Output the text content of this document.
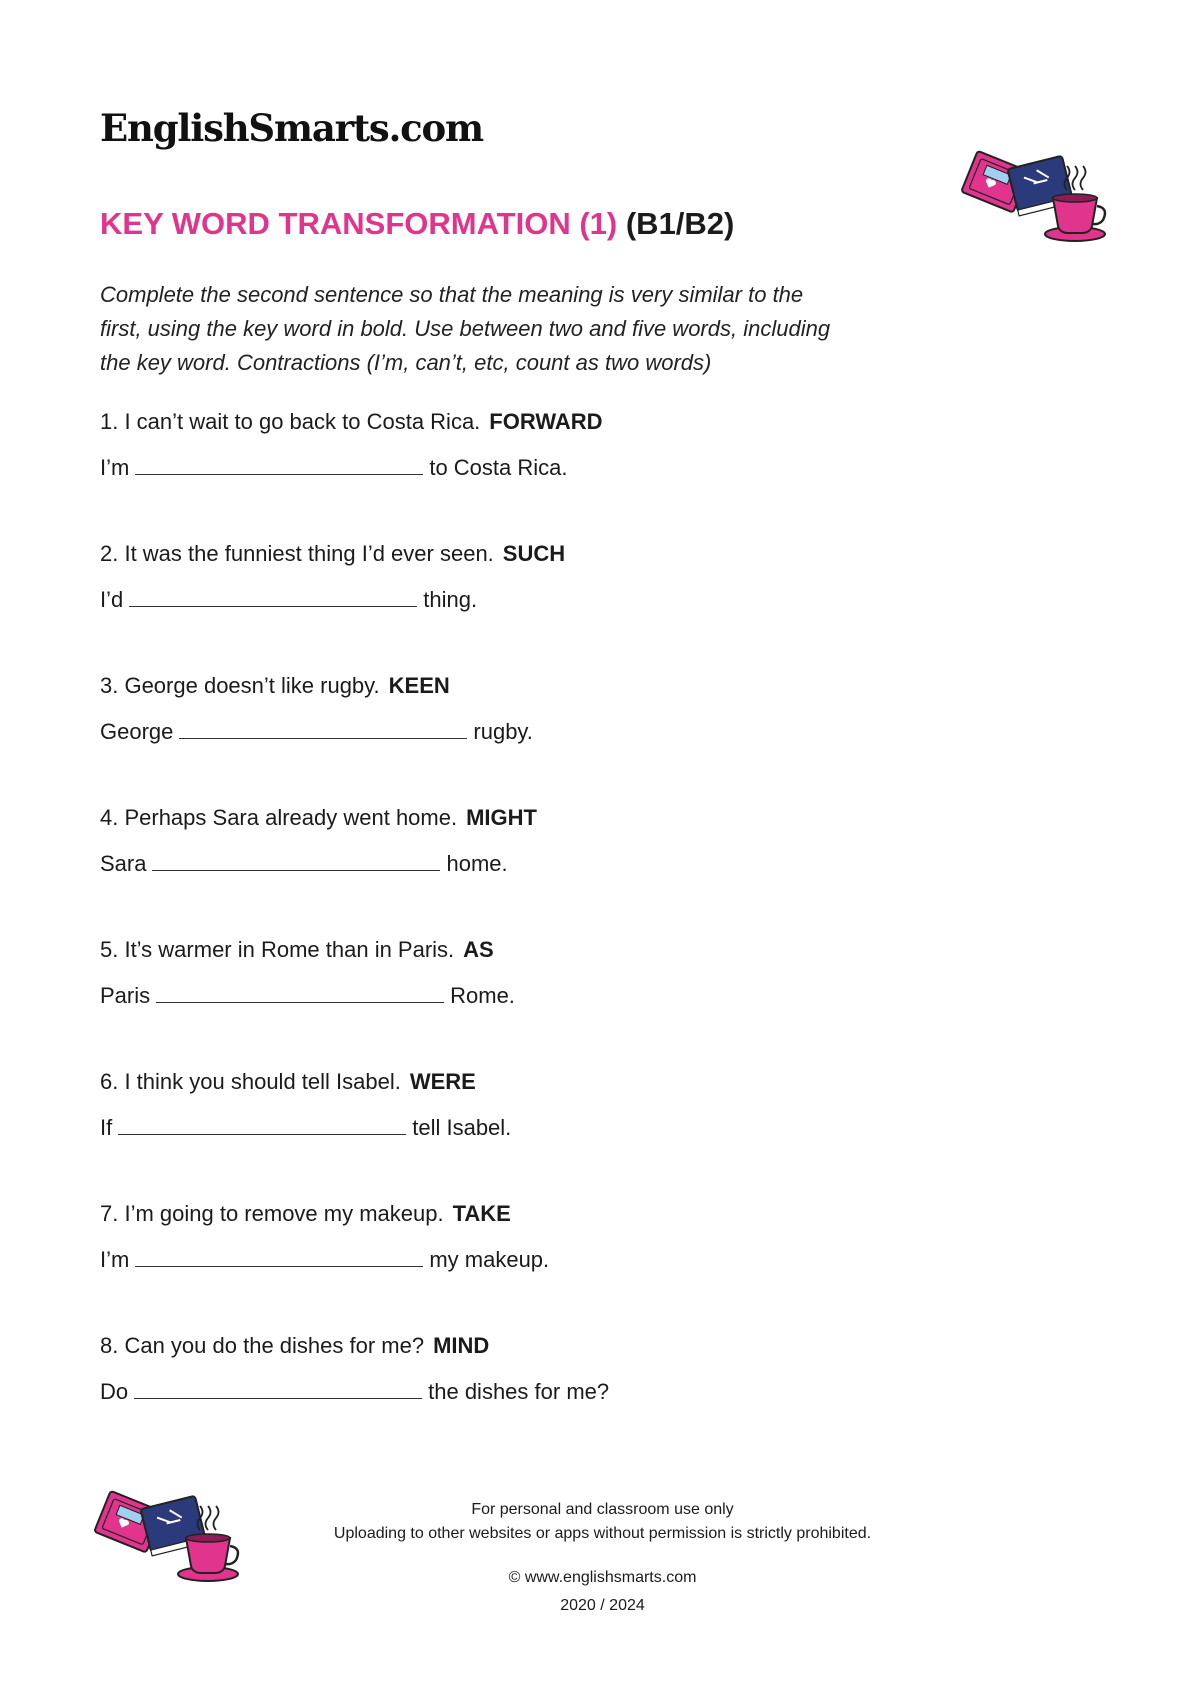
EnglishSmarts.com
KEY WORD TRANSFORMATION (1) (B1/B2)
Complete the second sentence so that the meaning is very similar to the
first, using the key word in bold. Use between two and five words, including
the key word. Contractions (I’m, can’t, etc, count as two words)
1. I can’t wait to go back to Costa Rica. FORWARD
I’m	to Costa Rica.
2. It was the funniest thing I’d ever seen. SUCH
I’d	thing.
3. George doesn’t like rugby. KEEN
George	rugby.
4. Perhaps Sara already went home. MIGHT
Sara	home.
5. It’s warmer in Rome than in Paris. AS
Paris	Rome.
6. I think you should tell Isabel. WERE
If	tell Isabel.
7. I’m going to remove my makeup. TAKE
I’m	my makeup.
8. Can you do the dishes for me? MIND
Do	the dishes for me?
For personal and classroom use only
Uploading to other websites or apps without permission is strictly prohibited.
© www.englishsmarts.com
2020 / 2024
